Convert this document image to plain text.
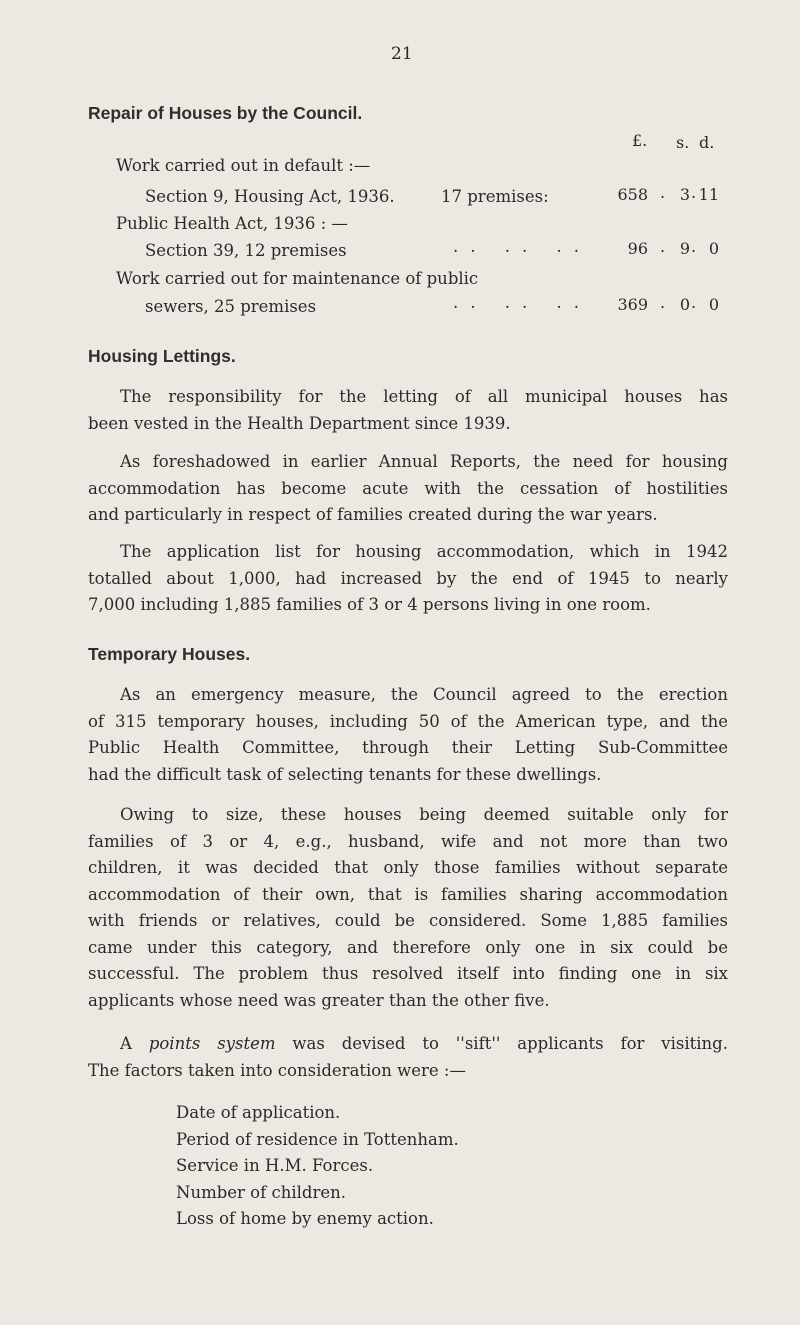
21
Repair of Houses by the Council.
£. s. d.
Work carried out in default :—
Section 9, Housing Act, 1936.	17 premises:	658 . 3 . 11
Public Health Act, 1936 : —
Section 39, 12 premises	.. .. ..	96 . 9 . 0
Work carried out for maintenance of public
sewers, 25 premises	.. .. ..	369 . 0 . 0
Housing Lettings.
The responsibility for the letting of all municipal houses has
been vested in the Health Department since 1939.
As foreshadowed in earlier Annual Reports, the need for housing
accommodation has become acute with the cessation of hostilities
and particularly in respect of families created during the war years.
The application list for housing accommodation, which in 1942
totalled about 1,000, had increased by the end of 1945 to nearly
7,000 including 1,885 families of 3 or 4 persons living in one room.
Temporary Houses.
As an emergency measure, the Council agreed to the erection
of 315 temporary houses, including 50 of the American type, and the
Public Health Committee, through their Letting Sub-Committee
had the difficult task of selecting tenants for these dwellings.
Owing to size, these houses being deemed suitable only for
families of 3 or 4, e.g., husband, wife and not more than two
children, it was decided that only those families without separate
accommodation of their own, that is families sharing accommodation
with friends or relatives, could be considered. Some 1,885 families
came under this category, and therefore only one in six could be
successful. The problem thus resolved itself into finding one in six
applicants whose need was greater than the other five.
A points system was devised to ''sift'' applicants for visiting.
The factors taken into consideration were :—
Date of application.
Period of residence in Tottenham.
Service in H.M. Forces.
Number of children.
Loss of home by enemy action.
